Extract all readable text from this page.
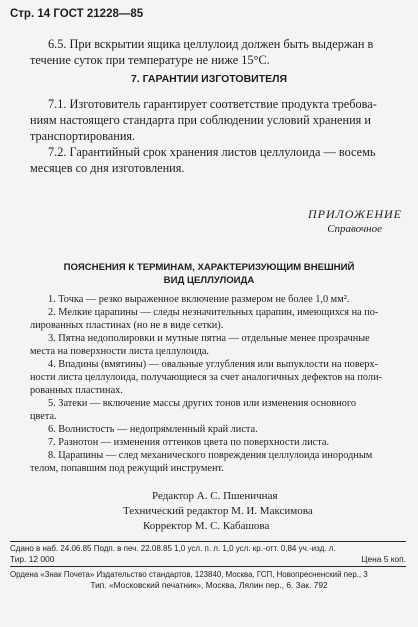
Стр. 14 ГОСТ 21228—85
6.5. При вскрытии ящика целлулоид должен быть выдержан в
течение суток при температуре не ниже 15°С.
7. ГАРАНТИИ ИЗГОТОВИТЕЛЯ
7.1. Изготовитель гарантирует соответствие продукта требова-
ниям настоящего стандарта при соблюдении условий хранения и
транспортирования.
7.2. Гарантийный срок хранения листов целлулоида — восемь
месяцев со дня изготовления.
ПРИЛОЖЕНИЕ
Справочное
ПОЯСНЕНИЯ К ТЕРМИНАМ, ХАРАКТЕРИЗУЮЩИМ ВНЕШНИЙ
ВИД ЦЕЛЛУЛОИДА
1. Точка — резко выраженное включение размером не более 1,0 мм².
2. Мелкие царапины — следы незначительных царапин, имеющихся на по-
лированных пластинах (но не в виде сетки).
3. Пятна недополировки и мутные пятна — отдельные менее прозрачные
места на поверхности листа целлулоида.
4. Впадины (вмятины) — овальные углубления или выпуклости на поверх-
ности листа целлулоида, получающиеся за счет аналогичных дефектов на поли-
рованных пластинах.
5. Затеки — включение массы других тонов или изменения основного
цвета.
6. Волнистость — недопрямленный край листа.
7. Разнотон — изменения оттенков цвета по поверхности листа.
8. Царапины — след механического повреждения целлулоида инородным
телом, попавшим под режущий инструмент.
Редактор А. С. Пшеничная
Технический редактор М. И. Максимова
Корректор М. С. Кабашова
Сдано в наб. 24.06.85 Подп. в печ. 22.08.85 1,0 усл. п. л. 1,0 усл. кр.-отт. 0,84 уч.-изд. л.
Тир. 12 000	Цена 5 коп.
Ордена «Знак Почета» Издательство стандартов, 123840, Москва, ГСП, Новопресненский пер., 3
Тип. «Московский печатник», Москва, Лялин пер., 6. Зак. 792
